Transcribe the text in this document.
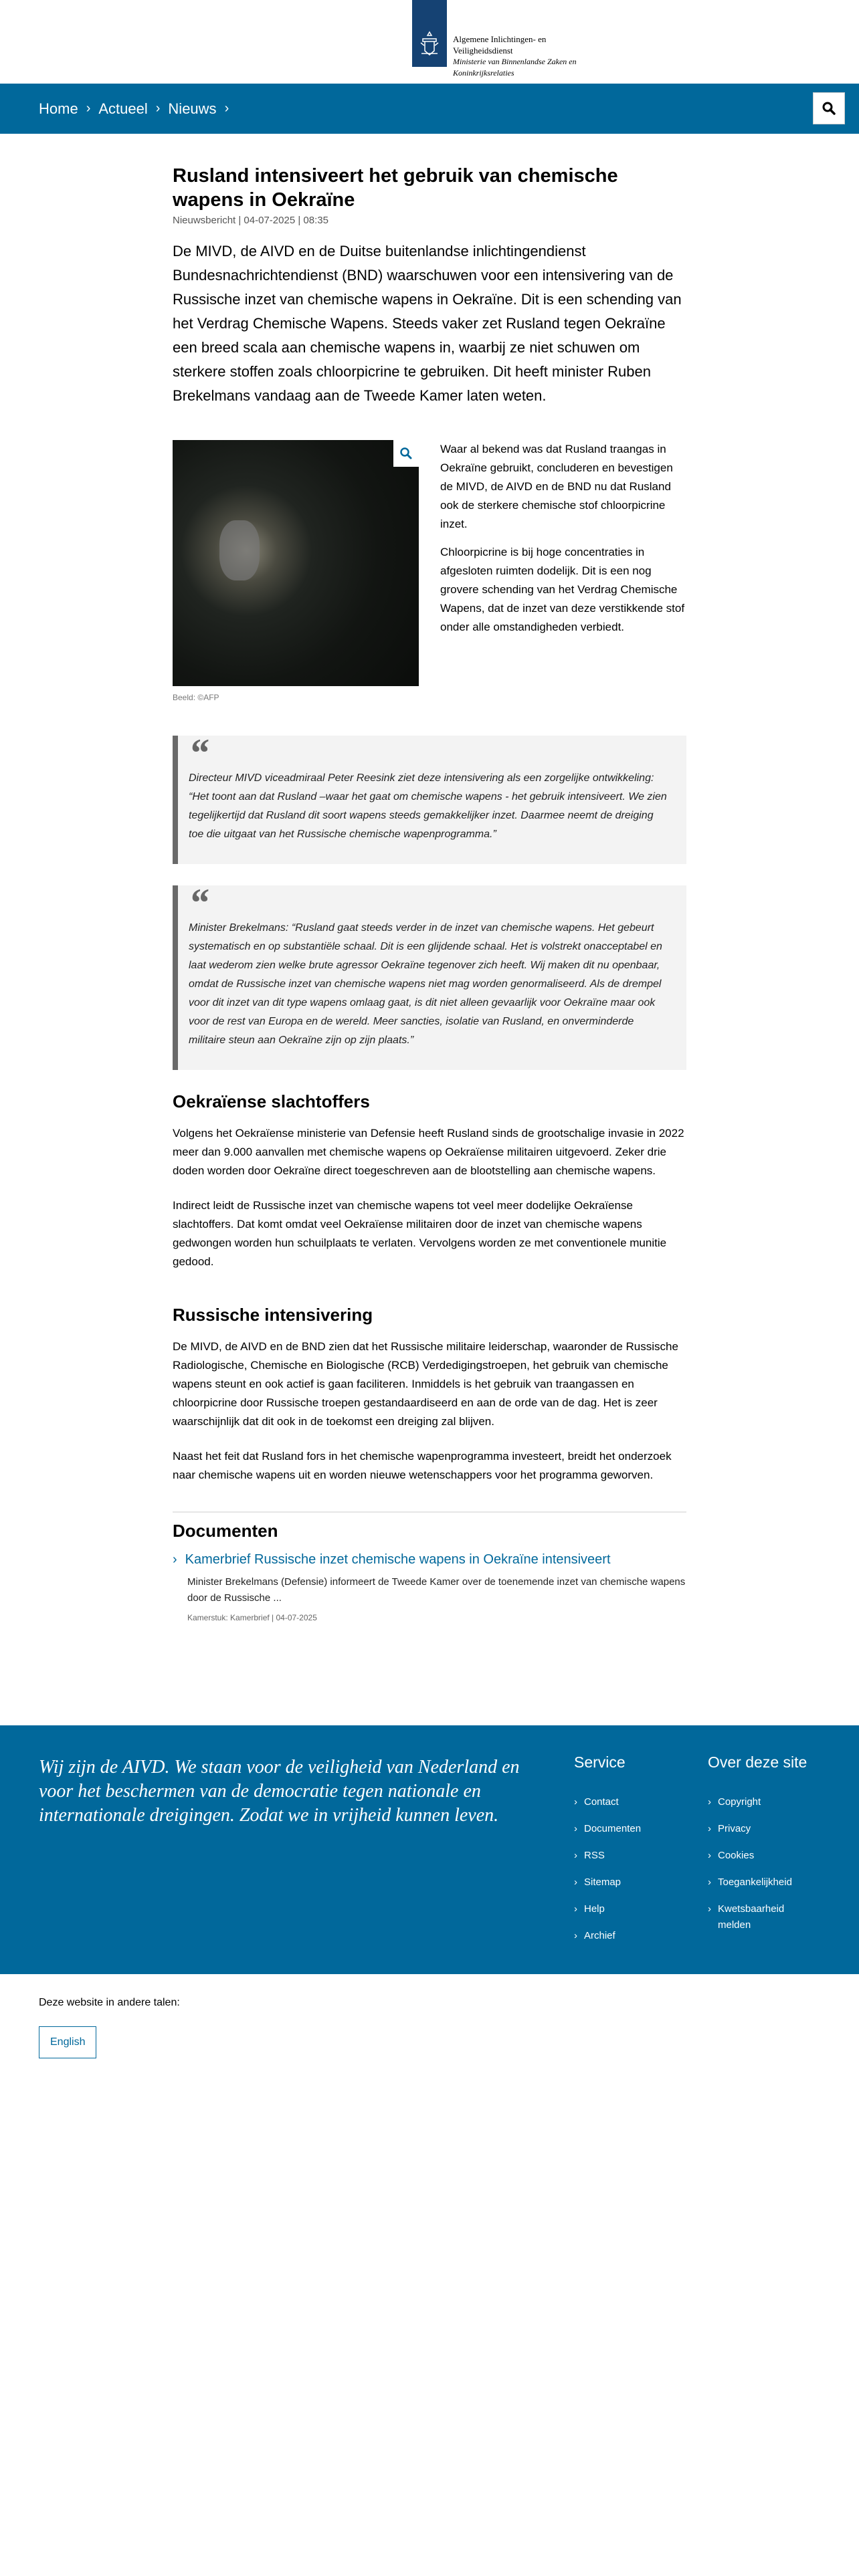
Algemene Inlichtingen- en
Veiligheidsdienst
Ministerie van Binnenlandse Zaken en
Koninkrijksrelaties
Home › Actueel › Nieuws ›
Rusland intensiveert het gebruik van chemische wapens in Oekraïne
Nieuwsbericht | 04-07-2025 | 08:35

De MIVD, de AIVD en de Duitse buitenlandse inlichtingendienst Bundesnachrichtendienst (BND) waarschuwen voor een intensivering van de Russische inzet van chemische wapens in Oekraïne. Dit is een schending van het Verdrag Chemische Wapens. Steeds vaker zet Rusland tegen Oekraïne een breed scala aan chemische wapens in, waarbij ze niet schuwen om sterkere stoffen zoals chloorpicrine te gebruiken. Dit heeft minister Ruben Brekelmans vandaag aan de Tweede Kamer laten weten.

Beeld: ©AFP

Waar al bekend was dat Rusland traangas in Oekraïne gebruikt, concluderen en bevestigen de MIVD, de AIVD en de BND nu dat Rusland ook de sterkere chemische stof chloorpicrine inzet.

Chloorpicrine is bij hoge concentraties in afgesloten ruimten dodelijk. Dit is een nog grovere schending van het Verdrag Chemische Wapens, dat de inzet van deze verstikkende stof onder alle omstandigheden verbiedt.

“

Directeur MIVD viceadmiraal Peter Reesink ziet deze intensivering als een zorgelijke ontwikkeling: “Het toont aan dat Rusland –waar het gaat om chemische wapens - het gebruik intensiveert. We zien tegelijkertijd dat Rusland dit soort wapens steeds gemakkelijker inzet. Daarmee neemt de dreiging toe die uitgaat van het Russische chemische wapenprogramma.”

“

Minister Brekelmans: “Rusland gaat steeds verder in de inzet van chemische wapens. Het gebeurt systematisch en op substantiële schaal. Dit is een glijdende schaal. Het is volstrekt onacceptabel en laat wederom zien welke brute agressor Oekraïne tegenover zich heeft. Wij maken dit nu openbaar, omdat de Russische inzet van chemische wapens niet mag worden genormaliseerd. Als de drempel voor dit inzet van dit type wapens omlaag gaat, is dit niet alleen gevaarlijk voor Oekraïne maar ook voor de rest van Europa en de wereld. Meer sancties, isolatie van Rusland, en onverminderde militaire steun aan Oekraïne zijn op zijn plaats.”

Oekraïense slachtoffers

Volgens het Oekraïense ministerie van Defensie heeft Rusland sinds de grootschalige invasie in 2022 meer dan 9.000 aanvallen met chemische wapens op Oekraïense militairen uitgevoerd. Zeker drie doden worden door Oekraïne direct toegeschreven aan de blootstelling aan chemische wapens.

Indirect leidt de Russische inzet van chemische wapens tot veel meer dodelijke Oekraïense slachtoffers. Dat komt omdat veel Oekraïense militairen door de inzet van chemische wapens gedwongen worden hun schuilplaats te verlaten. Vervolgens worden ze met conventionele munitie gedood.

Russische intensivering

De MIVD, de AIVD en de BND zien dat het Russische militaire leiderschap, waaronder de Russische Radiologische, Chemische en Biologische (RCB) Verdedigingstroepen, het gebruik van chemische wapens steunt en ook actief is gaan faciliteren. Inmiddels is het gebruik van traangassen en chloorpicrine door Russische troepen gestandaardiseerd en aan de orde van de dag. Het is zeer waarschijnlijk dat dit ook in de toekomst een dreiging zal blijven.

Naast het feit dat Rusland fors in het chemische wapenprogramma investeert, breidt het onderzoek naar chemische wapens uit en worden nieuwe wetenschappers voor het programma geworven.

Documenten
› Kamerbrief Russische inzet chemische wapens in Oekraïne intensiveert

Minister Brekelmans (Defensie) informeert de Tweede Kamer over de toenemende inzet van chemische wapens door de Russische ...

Kamerstuk: Kamerbrief | 04-07-2025

Wij zijn de AIVD. We staan voor de veiligheid van Nederland en voor het beschermen van de democratie tegen nationale en internationale dreigingen. Zodat we in vrijheid kunnen leven.

Service
› Contact
› Documenten
› RSS
› Sitemap
› Help
› Archief
Over deze site
› Copyright
› Privacy
› Cookies
› Toegankelijkheid
› Kwetsbaarheid melden
Deze website in andere talen:
English
